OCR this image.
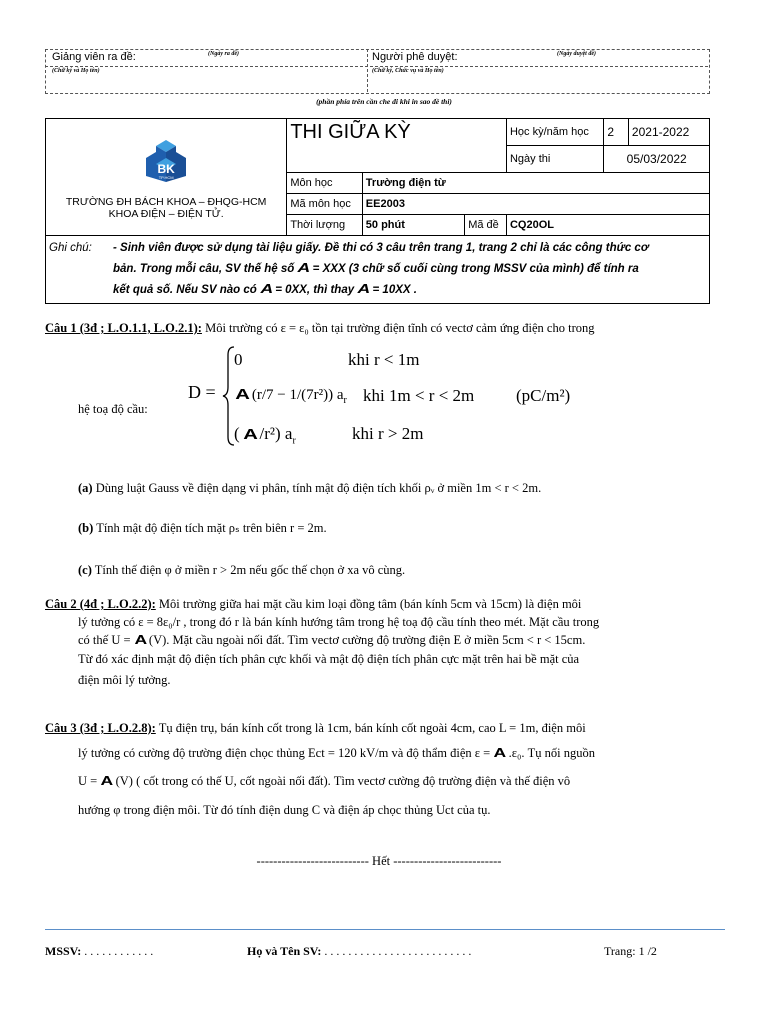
Giảng viên ra đề:	(Ngày ra đề)
(Chữ ký và Họ tên)
Người phê duyệt:	(Ngày duyệt đề)
(Chữ ký, Chức vụ và Họ tên)
(phần phía trên cần che đi khi in sao đề thi)
BK
TP.HCM
TRƯỜNG ĐH BÁCH KHOA – ĐHQG-HCM
KHOA ĐIỆN – ĐIỆN TỬ.	THI GIỮA KỲ			Học kỳ/năm học	2	2021-2022
				Ngày thi	05/03/2022	
	Môn học	Trường điện từ				
	Mã môn học	EE2003				
	Thời lượng	50 phút	Mã đề	CQ20OL		

Ghi chú: - Sinh viên được sử dụng tài liệu giấy. Đề thi có 3 câu trên trang 1, trang 2 chỉ là các công thức cơ
bản. Trong mỗi câu, SV thế hệ số A = XXX (3 chữ số cuối cùng trong MSSV của mình) để tính ra
kết quả số. Nếu SV nào có A = 0XX, thì thay A = 10XX .						
Câu 1 (3đ ; L.O.1.1, L.O.2.1): Môi trường có ε = ε₀ tồn tại trường điện tĩnh có vectơ cảm ứng điện cho trong
hệ toạ độ cầu:
D =
0	khi r < 1m
A (r/7 − 1/(7r²)) $a_r$ khi 1m < r < 2m (pC/m²)
( A /r²) $a_r$	khi r > 2m
(a) Dùng luật Gauss về điện dạng vi phân, tính mật độ điện tích khối ρᵥ ở miền 1m < r < 2m.
(b) Tính mật độ điện tích mặt ρₛ trên biên r = 2m.
(c) Tính thế điện φ ở miền r > 2m nếu gốc thế chọn ở xa vô cùng.
Câu 2 (4đ ; L.O.2.2): Môi trường giữa hai mặt cầu kim loại đồng tâm (bán kính 5cm và 15cm) là điện môi
lý tưởng có ε = 8ε₀/r , trong đó r là bán kính hướng tâm trong hệ toạ độ cầu tính theo mét. Mặt cầu trong
có thế U = A (V). Mặt cầu ngoài nối đất. Tìm vectơ cường độ trường điện E ở miền 5cm < r < 15cm.
Từ đó xác định mật độ điện tích phân cực khối và mật độ điện tích phân cực mặt trên hai bề mặt của
điện môi lý tưởng.
Câu 3 (3đ ; L.O.2.8): Tụ điện trụ, bán kính cốt trong là 1cm, bán kính cốt ngoài 4cm, cao L = 1m, điện môi
lý tưởng có cường độ trường điện chọc thủng Ect = 120 kV/m và độ thẩm điện ε = A .ε₀. Tụ nối nguồn
U = A (V) ( cốt trong có thế U, cốt ngoài nối đất). Tìm vectơ cường độ trường điện và thế điện vô
hướng φ trong điện môi. Từ đó tính điện dung C và điện áp chọc thủng Uct của tụ.
--------------------------- Hết --------------------------
MSSV: . . . . . . . . . . . .	Họ và Tên SV: . . . . . . . . . . . . . . . . . . . . . . . . .	Trang: 1 /2
